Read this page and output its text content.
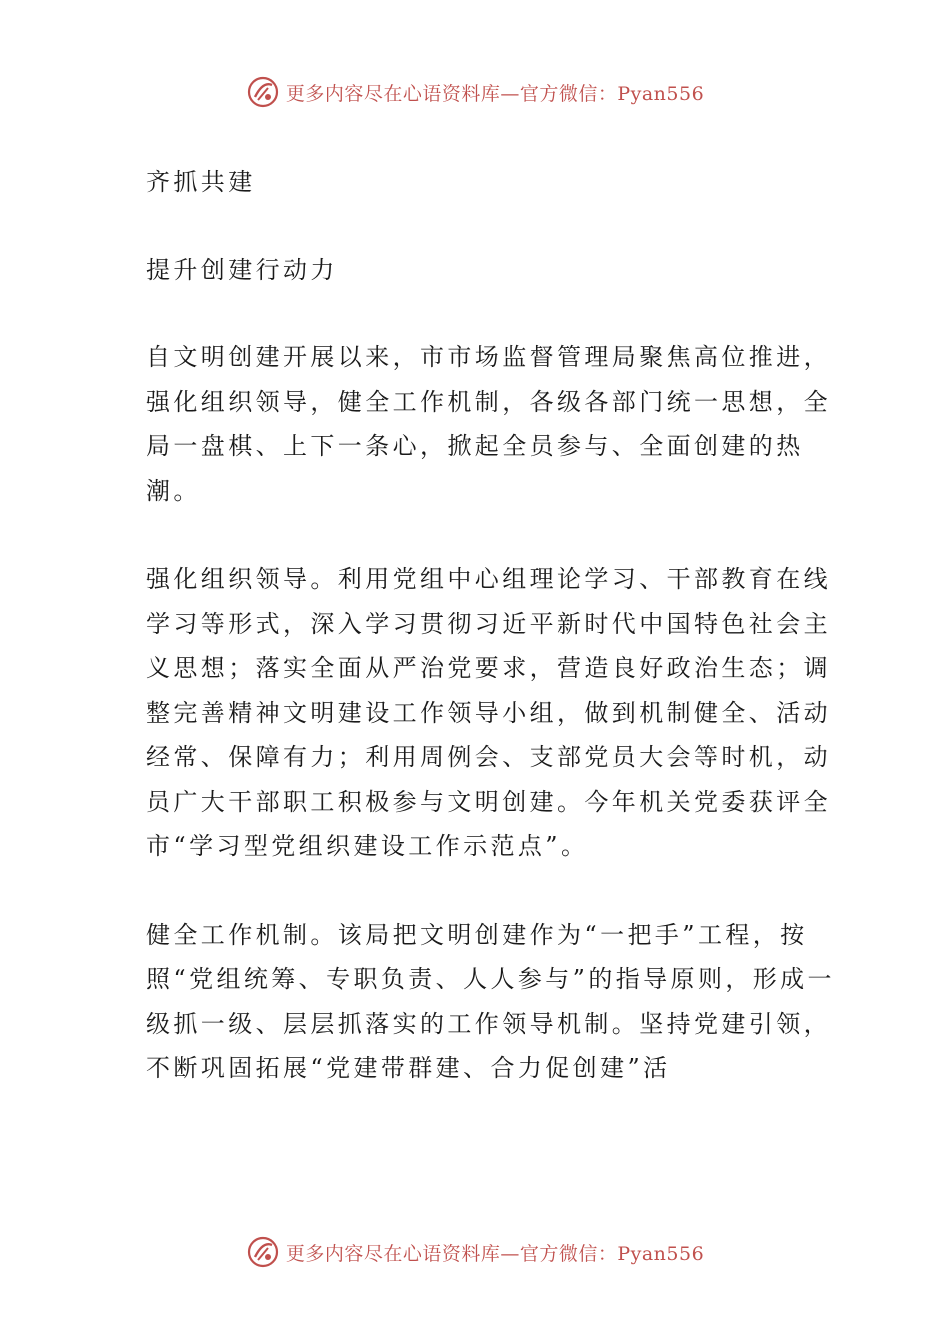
更多内容尽在心语资料库—官方微信：Pyan556

齐抓共建

提升创建行动力

自文明创建开展以来，市市场监督管理局聚焦高位推进，强化组织领导，健全工作机制，各级各部门统一思想，全局一盘棋、上下一条心，掀起全员参与、全面创建的热潮。

强化组织领导。利用党组中心组理论学习、干部教育在线学习等形式，深入学习贯彻习近平新时代中国特色社会主义思想；落实全面从严治党要求，营造良好政治生态；调整完善精神文明建设工作领导小组，做到机制健全、活动经常、保障有力；利用周例会、支部党员大会等时机，动员广大干部职工积极参与文明创建。今年机关党委获评全市“学习型党组织建设工作示范点”。

健全工作机制。该局把文明创建作为“一把手”工程，按照“党组统筹、专职负责、人人参与”的指导原则，形成一级抓一级、层层抓落实的工作领导机制。坚持党建引领，不断巩固拓展“党建带群建、合力促创建”活

更多内容尽在心语资料库—官方微信：Pyan556
